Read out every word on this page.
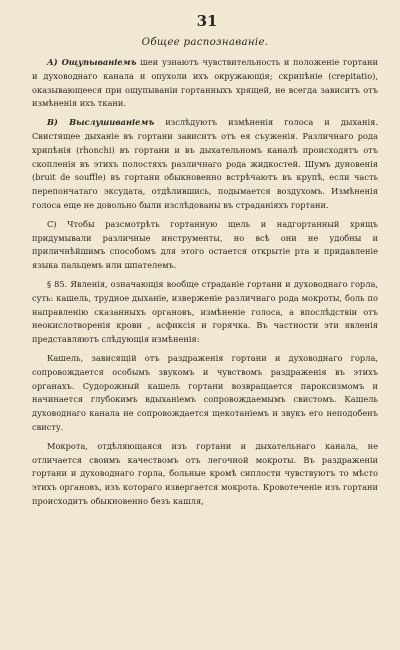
31
Общее распознаваніе.

А) Ощупываніемъ шеи узнаютъ чувствительность и положеніе гортани и духоводнаго канала и опухоли ихъ окружающія; скрипѣніе (crepitatio), оказывающееся при ощупываніи гортанныхъ хрящей, не всегда зависитъ отъ измѣненія ихъ ткани.

В) Выслушиваніемъ изслѣдуютъ измѣненія голоса и дыханія. Свистящее дыханіе въ гортани зависитъ отъ ея съуженія. Различнаго рода хрипѣнія (rhonchi) въ гортани и въ дыхательномъ каналѣ происходятъ отъ скопленія въ этихъ полостяхъ различнаго рода жидкостей. Шумъ дуновенія (bruit de souffle) въ гортани обыкновенно встрѣчаютъ въ крупѣ, если часть перепончатаго эксудата, отдѣлившись, подымается воздухомъ. Измѣненія голоса еще не довольно были изслѣдованы въ страданіяхъ гортани.

С) Чтобы разсмотрѣть гортанную щель и надгортанный хрящъ придумывали различные инструменты, но всѣ они не удобны и приличнѣйшимъ способомъ для этого остается открытіе рта и придавленіе языка пальцемъ или шпателемъ.

§ 85. Явленія, означающія вообще страданіе гортани и духоводнаго горла, суть: кашель, трудное дыханіе, изверженіе различнаго рода мокроты, боль по направленію сказанныхъ органовъ, измѣненіе голоса, а впослѣдствіи отъ неокислотворенія крови , асфиксія и горячка. Въ частности эти явленія представляютъ слѣдующія измѣненія:

Кашель, зависящій отъ раздраженія гортани и духоводнаго горла, сопровождается особымъ звукомъ и чувствомъ раздраженія въ этихъ органахъ. Судорожный кашель гортани возвращается пароксизмомъ и начинается глубокимъ вдыханіемъ сопровождаемымъ свистомъ. Кашель духоводнаго канала не сопровождается щекотаніемъ и звукъ его неподобенъ свисту.

Мокрота, отдѣляющаяся изъ гортани и дыхательнаго канала, не отличается своимъ качествомъ отъ легочной мокроты. Въ раздраженіи гортани и духоводнаго горла, больные кромѣ сиплости чувствуютъ то мѣсто этихъ органовъ, изъ котораго извергается мокрота. Кровотеченіе изъ гортани происходитъ обыкновенно безъ кашля,
